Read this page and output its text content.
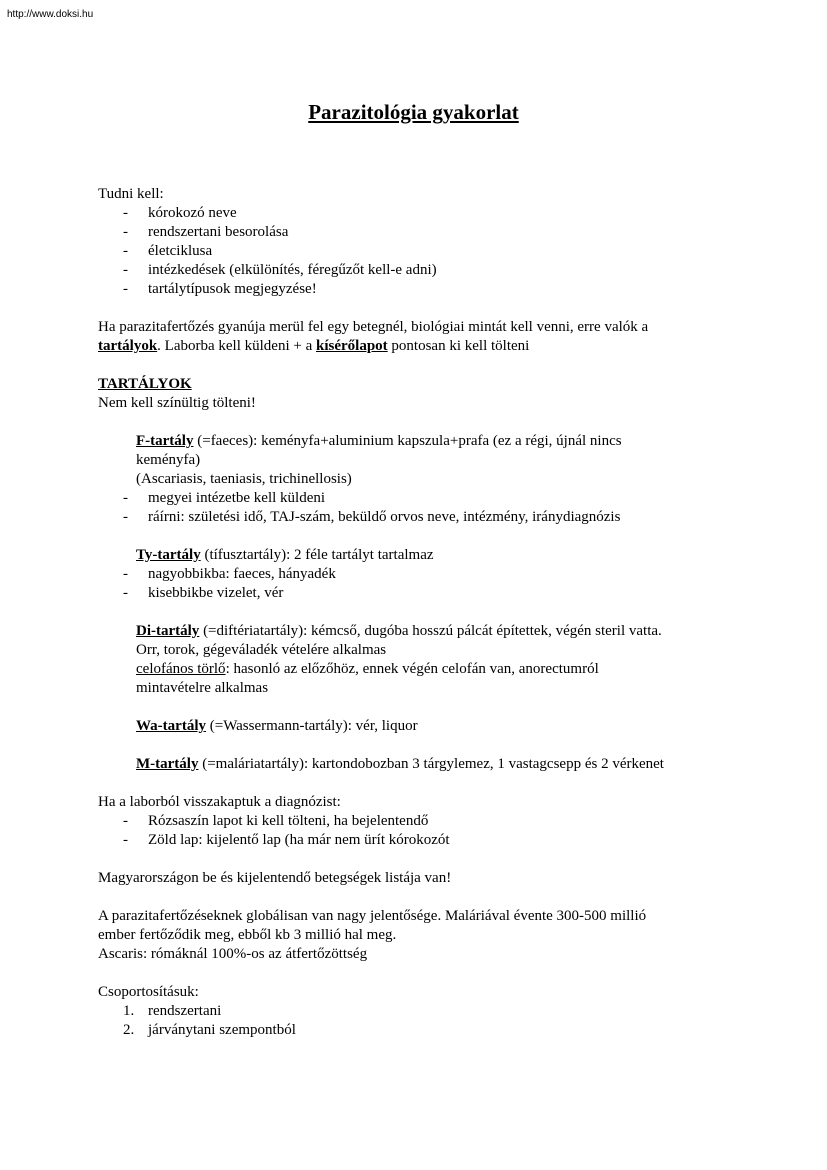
http://www.doksi.hu
Parazitológia gyakorlat

Tudni kell:

- kórokozó neve
- rendszertani besorolása
- életciklusa
- intézkedések (elkülönítés, féregűzőt kell-e adni)
- tartálytípusok megjegyzése!

Ha parazitafertőzés gyanúja merül fel egy betegnél, biológiai mintát kell venni, erre valók a
tartályok. Laborba kell küldeni + a kísérőlapot pontosan ki kell tölteni

TARTÁLYOK

Nem kell színültig tölteni!

F-tartály (=faeces): keményfa+aluminium kapszula+prafa (ez a régi, újnál nincs
keményfa)
(Ascariasis, taeniasis, trichinellosis)

- megyei intézetbe kell küldeni
- ráírni: születési idő, TAJ-szám, beküldő orvos neve, intézmény, iránydiagnózis

Ty-tartály (tífusztartály): 2 féle tartályt tartalmaz

- nagyobbikba: faeces, hányadék
- kisebbikbe vizelet, vér

Di-tartály (=diftériatartály): kémcső, dugóba hosszú pálcát építettek, végén steril vatta.
Orr, torok, gégeváladék vételére alkalmas
celofános törlő: hasonló az előzőhöz, ennek végén celofán van, anorectumról
mintavételre alkalmas

Wa-tartály (=Wassermann-tartály): vér, liquor

M-tartály (=maláriatartály): kartondobozban 3 tárgylemez, 1 vastagcsepp és 2 vérkenet

Ha a laborból visszakaptuk a diagnózist:

- Rózsaszín lapot ki kell tölteni, ha bejelentendő
- Zöld lap: kijelentő lap (ha már nem ürít kórokozót

Magyarországon be és kijelentendő betegségek listája van!

A parazitafertőzéseknek globálisan van nagy jelentősége. Maláriával évente 300-500 millió
ember fertőződik meg, ebből kb 3 millió hal meg.
Ascaris: rómáknál 100%-os az átfertőzöttség

Csoportosításuk:

1. rendszertani
2. járványtani szempontból
